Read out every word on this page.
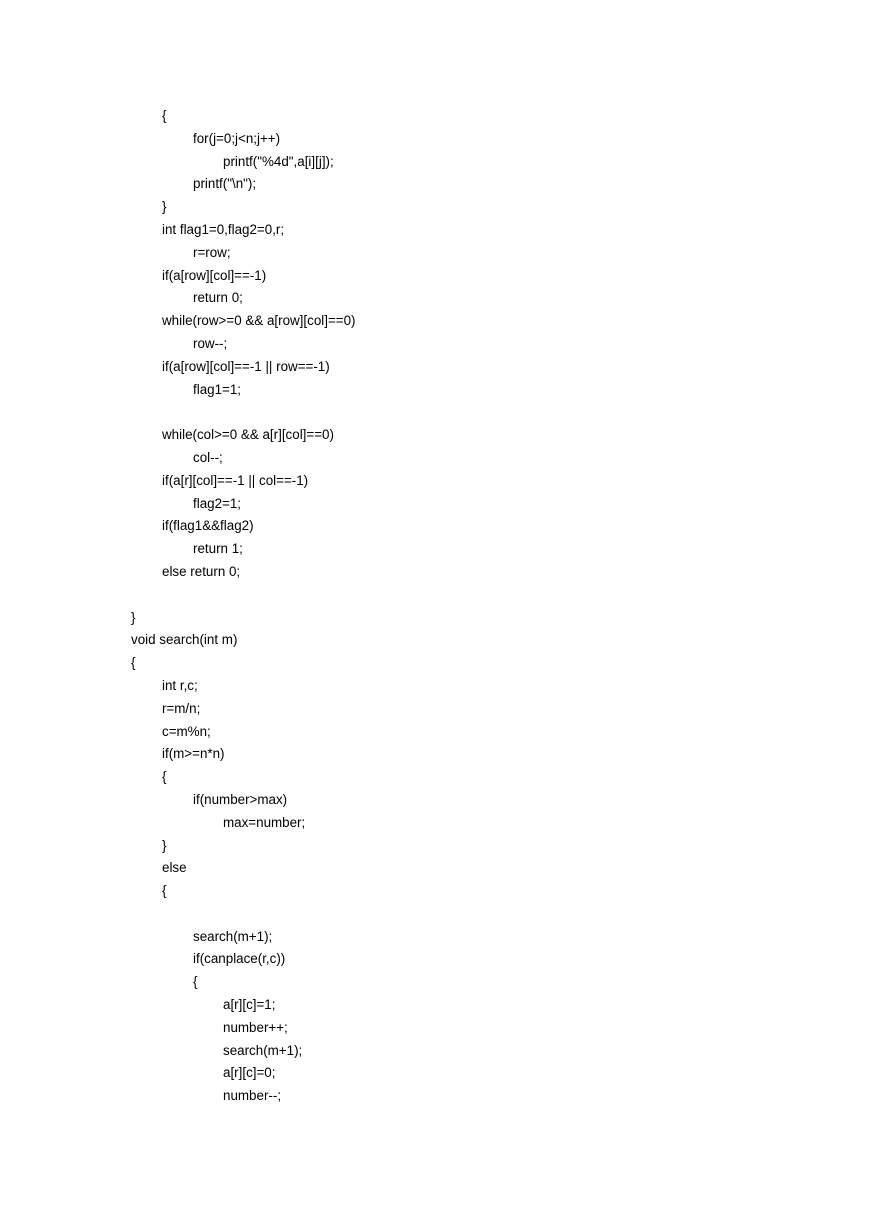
{
for(j=0;j<n;j++)
printf("%4d",a[i][j]);
printf("\n");
}
int flag1=0,flag2=0,r;
r=row;
if(a[row][col]==-1)
return 0;
while(row>=0 && a[row][col]==0)
row--;
if(a[row][col]==-1 || row==-1)
flag1=1;
while(col>=0 && a[r][col]==0)
col--;
if(a[r][col]==-1 || col==-1)
flag2=1;
if(flag1&&flag2)
return 1;
else return 0;
}
void search(int m)
{
int r,c;
r=m/n;
c=m%n;
if(m>=n*n)
{
if(number>max)
max=number;
}
else
{
search(m+1);
if(canplace(r,c))
{
a[r][c]=1;
number++;
search(m+1);
a[r][c]=0;
number--;
